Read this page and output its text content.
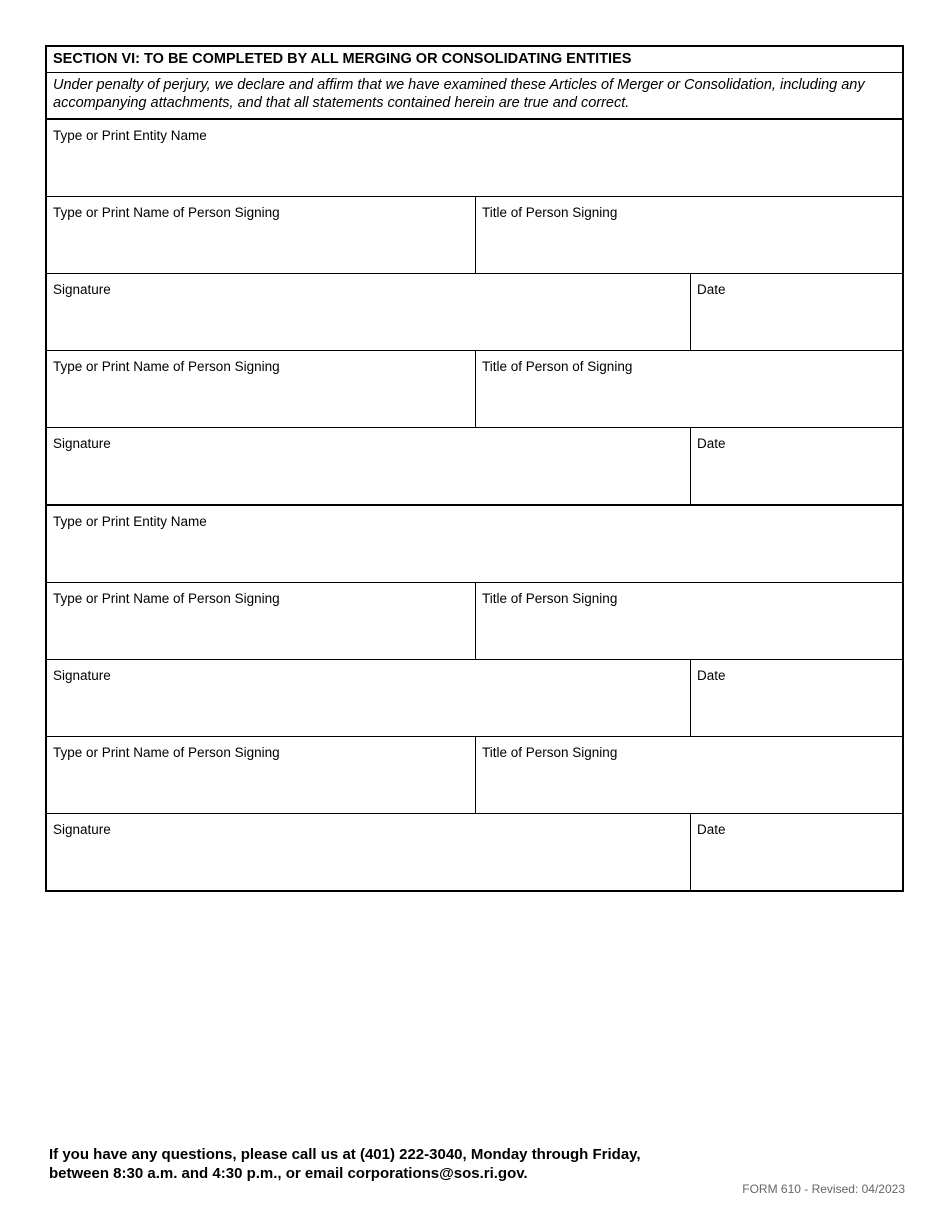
SECTION VI: TO BE COMPLETED BY ALL MERGING OR CONSOLIDATING ENTITIES
Under penalty of perjury, we declare and affirm that we have examined these Articles of Merger or Consolidation, including any accompanying attachments, and that all statements contained herein are true and correct.
Type or Print Entity Name
Type or Print Name of Person Signing	Title of Person Signing
Signature	Date
Type or Print Name of Person Signing	Title of Person of Signing
Signature	Date
Type or Print Entity Name
Type or Print Name of Person Signing	Title of Person Signing
Signature	Date
Type or Print Name of Person Signing	Title of Person Signing
Signature	Date
If you have any questions, please call us at (401) 222-3040, Monday through Friday,
between 8:30 a.m. and 4:30 p.m., or email corporations@sos.ri.gov.
FORM 610 - Revised: 04/2023
